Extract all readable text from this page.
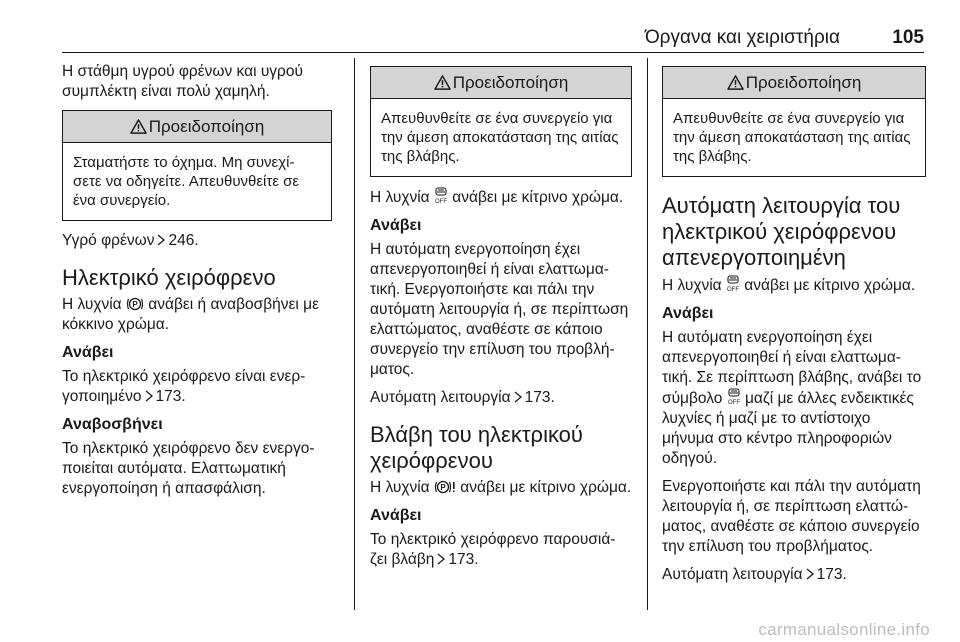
Όργανα και χειριστήρια	105

Η στάθμη υγρού φρένων και υγρού συμπλέκτη είναι πολύ χαμηλή.

Προειδοποίηση
Σταματήστε το όχημα. Μη συνεχί-σετε να οδηγείτε. Απευθυνθείτε σε ένα συνεργείο.

Υγρό φρένων 246.

Ηλεκτρικό χειρόφρενο

Η λυχνία P ανάβει ή αναβοσβήνει με κόκκινο χρώμα.

Ανάβει

Το ηλεκτρικό χειρόφρενο είναι ενερ-γοποιημένο 173.

Αναβοσβήνει

Το ηλεκτρικό χειρόφρενο δεν ενεργο-ποιείται αυτόματα. Ελαττωματική ενεργοποίηση ή απασφάλιση.

Προειδοποίηση
Απευθυνθείτε σε ένα συνεργείο για την άμεση αποκατάσταση της αιτίας της βλάβης.

Η λυχνία OFF ανάβει με κίτρινο χρώμα.

Ανάβει

Η αυτόματη ενεργοποίηση έχει απενεργοποιηθεί ή είναι ελαττωμα-τική. Ενεργοποιήστε και πάλι την αυτόματη λειτουργία ή, σε περίπτωση ελαττώματος, αναθέστε σε κάποιο συνεργείο την επίλυση του προβλή-ματος.

Αυτόματη λειτουργία 173.

Βλάβη του ηλεκτρικού χειρόφρενου

Η λυχνία P ανάβει με κίτρινο χρώμα.

Ανάβει

Το ηλεκτρικό χειρόφρενο παρουσιά-ζει βλάβη 173.

Προειδοποίηση
Απευθυνθείτε σε ένα συνεργείο για την άμεση αποκατάσταση της αιτίας της βλάβης.
Αυτόματη λειτουργία του ηλεκτρικού χειρόφρενου απενεργοποιημένη

Η λυχνία OFF ανάβει με κίτρινο χρώμα.

Ανάβει

Η αυτόματη ενεργοποίηση έχει απενεργοποιηθεί ή είναι ελαττωμα-τική. Σε περίπτωση βλάβης, ανάβει το σύμβολο OFF μαζί με άλλες ενδεικτικές λυχνίες ή μαζί με το αντίστοιχο μήνυμα στο κέντρο πληροφοριών οδηγού.

Ενεργοποιήστε και πάλι την αυτόματη λειτουργία ή, σε περίπτωση ελαττώ-ματος, αναθέστε σε κάποιο συνεργείο την επίλυση του προβλήματος.

Αυτόματη λειτουργία 173.

carmanualsonline.info
